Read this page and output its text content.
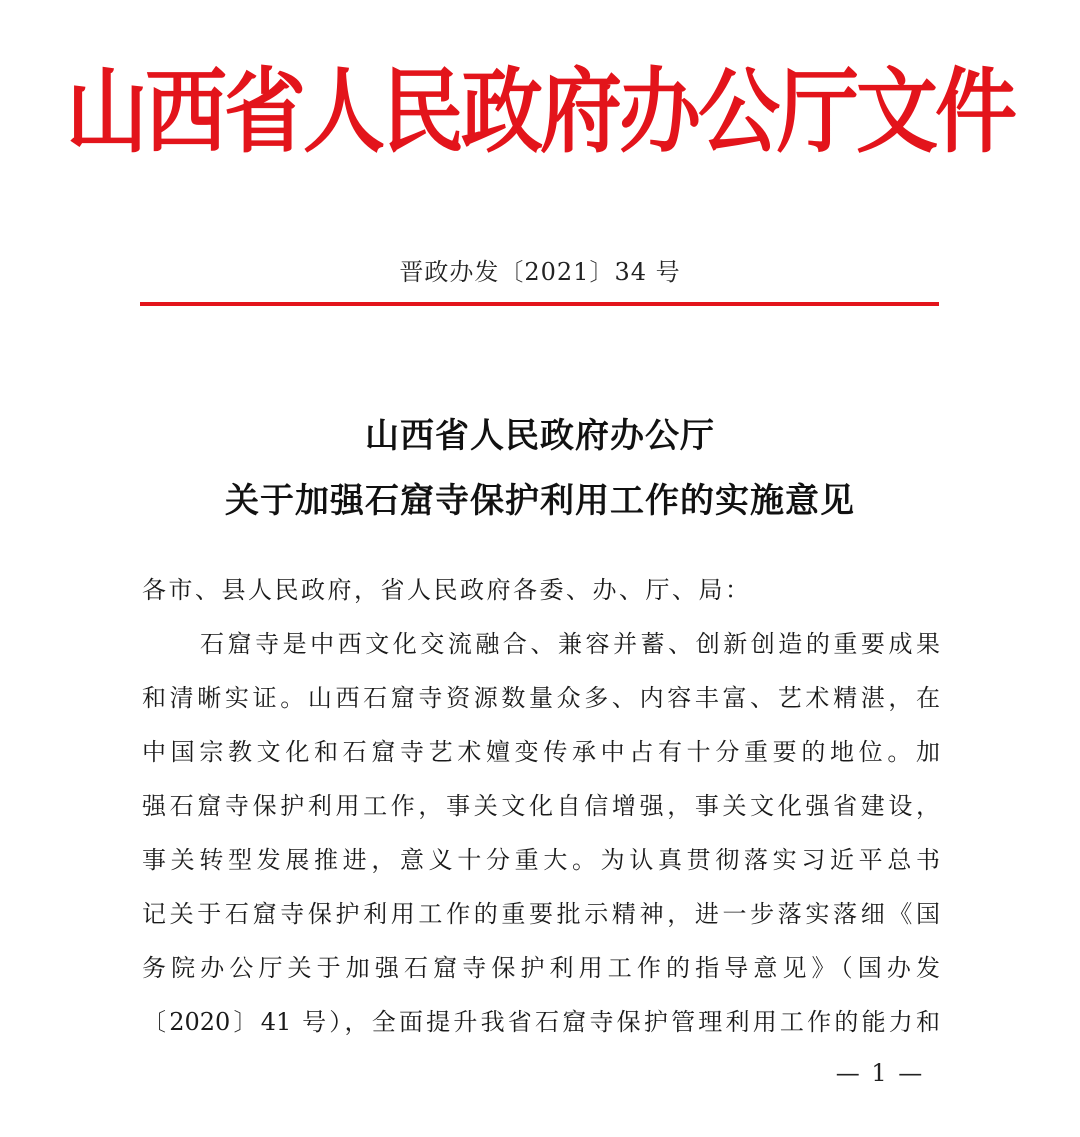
山西省人民政府办公厅文件
晋政办发〔2021〕34 号
山西省人民政府办公厅
关于加强石窟寺保护利用工作的实施意见
各市、县人民政府，省人民政府各委、办、厅、局：
石窟寺是中西文化交流融合、兼容并蓄、创新创造的重要成果
和清晰实证。山西石窟寺资源数量众多、内容丰富、艺术精湛，在
中国宗教文化和石窟寺艺术嬗变传承中占有十分重要的地位。加
强石窟寺保护利用工作，事关文化自信增强，事关文化强省建设，
事关转型发展推进，意义十分重大。为认真贯彻落实习近平总书
记关于石窟寺保护利用工作的重要批示精神，进一步落实落细《国
务院办公厅关于加强石窟寺保护利用工作的指导意见》（国办发
〔2020〕41 号），全面提升我省石窟寺保护管理利用工作的能力和
— 1 —
